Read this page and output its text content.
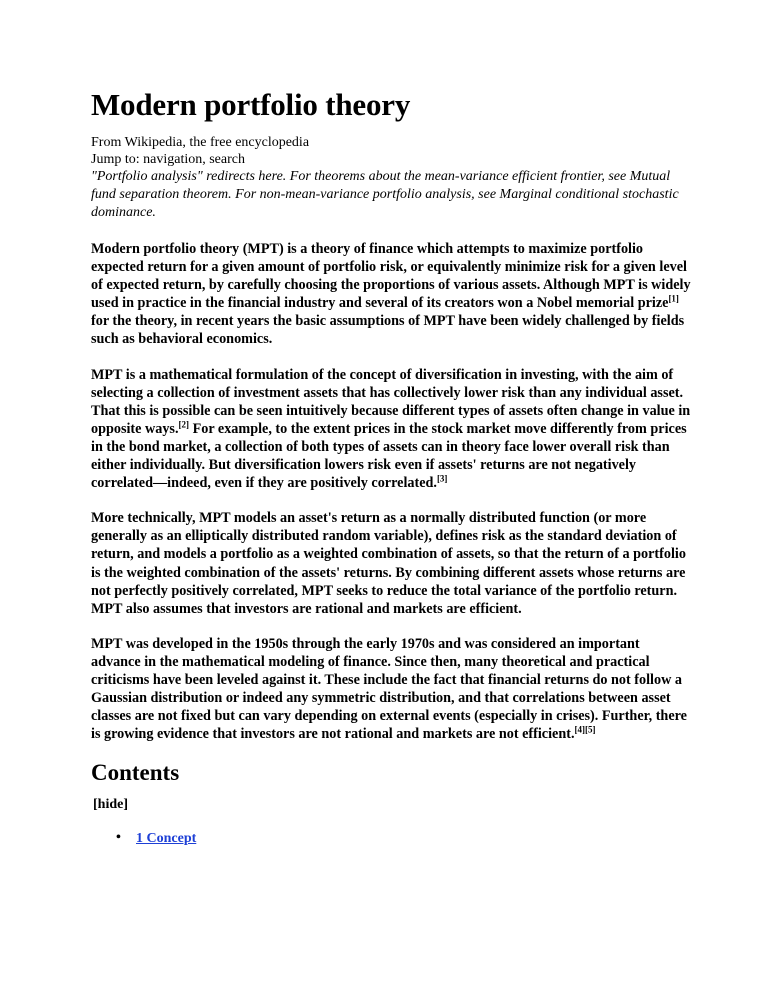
Modern portfolio theory
From Wikipedia, the free encyclopedia
Jump to: navigation, search
"Portfolio analysis" redirects here. For theorems about the mean-variance efficient frontier, see Mutual fund separation theorem. For non-mean-variance portfolio analysis, see Marginal conditional stochastic dominance.

Modern portfolio theory (MPT) is a theory of finance which attempts to maximize portfolio expected return for a given amount of portfolio risk, or equivalently minimize risk for a given level of expected return, by carefully choosing the proportions of various assets. Although MPT is widely used in practice in the financial industry and several of its creators won a Nobel memorial prize[1] for the theory, in recent years the basic assumptions of MPT have been widely challenged by fields such as behavioral economics.

MPT is a mathematical formulation of the concept of diversification in investing, with the aim of selecting a collection of investment assets that has collectively lower risk than any individual asset. That this is possible can be seen intuitively because different types of assets often change in value in opposite ways.[2] For example, to the extent prices in the stock market move differently from prices in the bond market, a collection of both types of assets can in theory face lower overall risk than either individually. But diversification lowers risk even if assets' returns are not negatively correlated—indeed, even if they are positively correlated.[3]

More technically, MPT models an asset's return as a normally distributed function (or more generally as an elliptically distributed random variable), defines risk as the standard deviation of return, and models a portfolio as a weighted combination of assets, so that the return of a portfolio is the weighted combination of the assets' returns. By combining different assets whose returns are not perfectly positively correlated, MPT seeks to reduce the total variance of the portfolio return. MPT also assumes that investors are rational and markets are efficient.

MPT was developed in the 1950s through the early 1970s and was considered an important advance in the mathematical modeling of finance. Since then, many theoretical and practical criticisms have been leveled against it. These include the fact that financial returns do not follow a Gaussian distribution or indeed any symmetric distribution, and that correlations between asset classes are not fixed but can vary depending on external events (especially in crises). Further, there is growing evidence that investors are not rational and markets are not efficient.[4][5]

Contents
[hide]
• 1 Concept
